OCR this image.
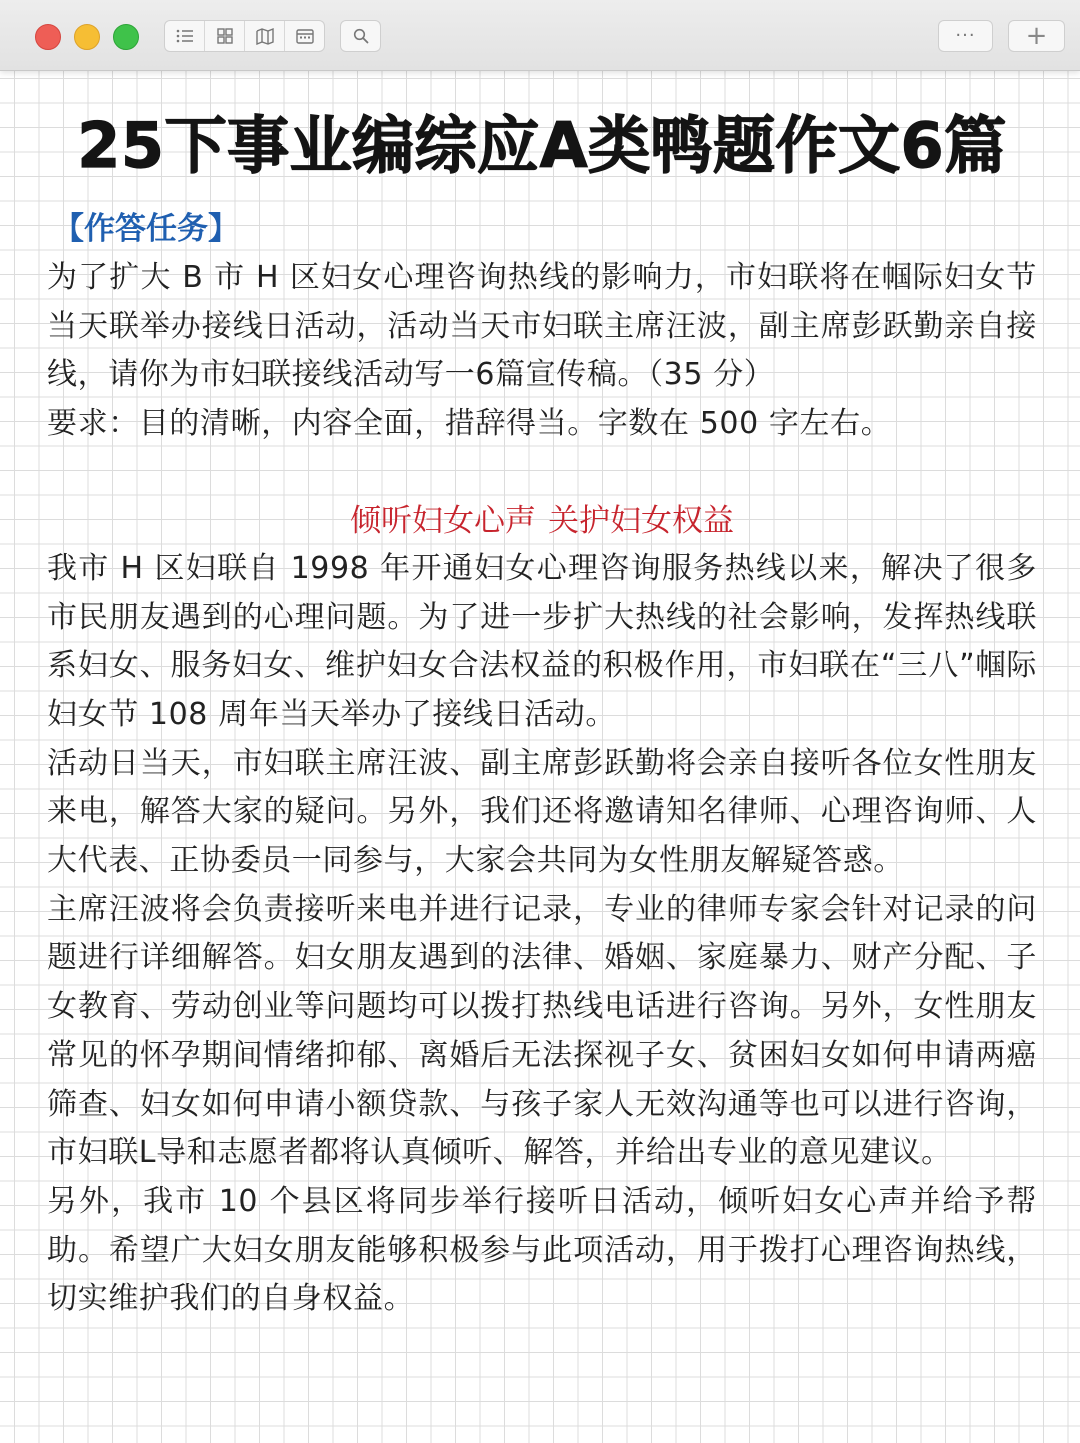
··· +
25下事业编综应A类鸭题作文6篇
【作答任务】

为了扩大 B 市 H 区妇女心理咨询热线的影响力，市妇联将在帼际妇女节当天联举办接线日活动，活动当天市妇联主席汪波，副主席彭跃勤亲自接线，请你为市妇联接线活动写一6篇宣传稿。（35 分）

要求：目的清晰，内容全面，措辞得当。字数在 500 字左右。

倾听妇女心声 关护妇女权益

我市 H 区妇联自 1998 年开通妇女心理咨询服务热线以来，解决了很多市民朋友遇到的心理问题。为了进一步扩大热线的社会影响，发挥热线联系妇女、服务妇女、维护妇女合法权益的积极作用，市妇联在“三八”帼际妇女节 108 周年当天举办了接线日活动。

活动日当天，市妇联主席汪波、副主席彭跃勤将会亲自接听各位女性朋友来电，解答大家的疑问。另外，我们还将邀请知名律师、心理咨询师、人大代表、正协委员一同参与，大家会共同为女性朋友解疑答惑。

主席汪波将会负责接听来电并进行记录，专业的律师专家会针对记录的问题进行详细解答。妇女朋友遇到的法律、婚姻、家庭暴力、财产分配、子女教育、劳动创业等问题均可以拨打热线电话进行咨询。另外，女性朋友常见的怀孕期间情绪抑郁、离婚后无法探视子女、贫困妇女如何申请两癌筛查、妇女如何申请小额贷款、与孩子家人无效沟通等也可以进行咨询，市妇联L导和志愿者都将认真倾听、解答，并给出专业的意见建议。

另外，我市 10 个县区将同步举行接听日活动，倾听妇女心声并给予帮助。希望广大妇女朋友能够积极参与此项活动，用于拨打心理咨询热线，切实维护我们的自身权益。
